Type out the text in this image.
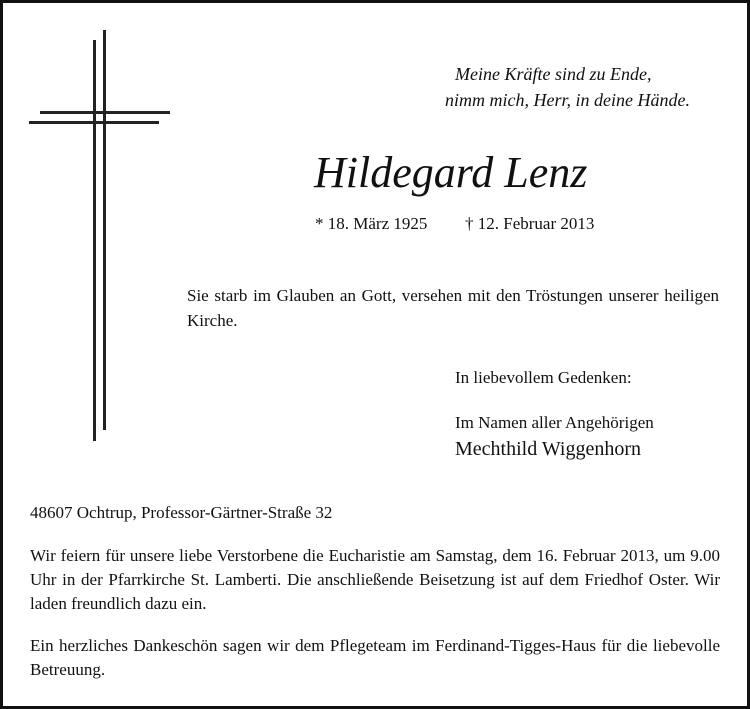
Meine Kräfte sind zu Ende,
nimm mich, Herr, in deine Hände.
Hildegard Lenz
* 18. März 1925 † 12. Februar 2013
Sie starb im Glauben an Gott, versehen mit den Tröstungen unserer heiligen Kirche.
In liebevollem Gedenken:
Im Namen aller Angehörigen
Mechthild Wiggenhorn
48607 Ochtrup, Professor-Gärtner-Straße 32
Wir feiern für unsere liebe Verstorbene die Eucharistie am Samstag, dem 16. Februar 2013, um 9.00 Uhr in der Pfarrkirche St. Lamberti. Die anschließende Beisetzung ist auf dem Friedhof Oster. Wir laden freundlich dazu ein.
Ein herzliches Dankeschön sagen wir dem Pflegeteam im Ferdinand-Tigges-Haus für die liebevolle Betreuung.
